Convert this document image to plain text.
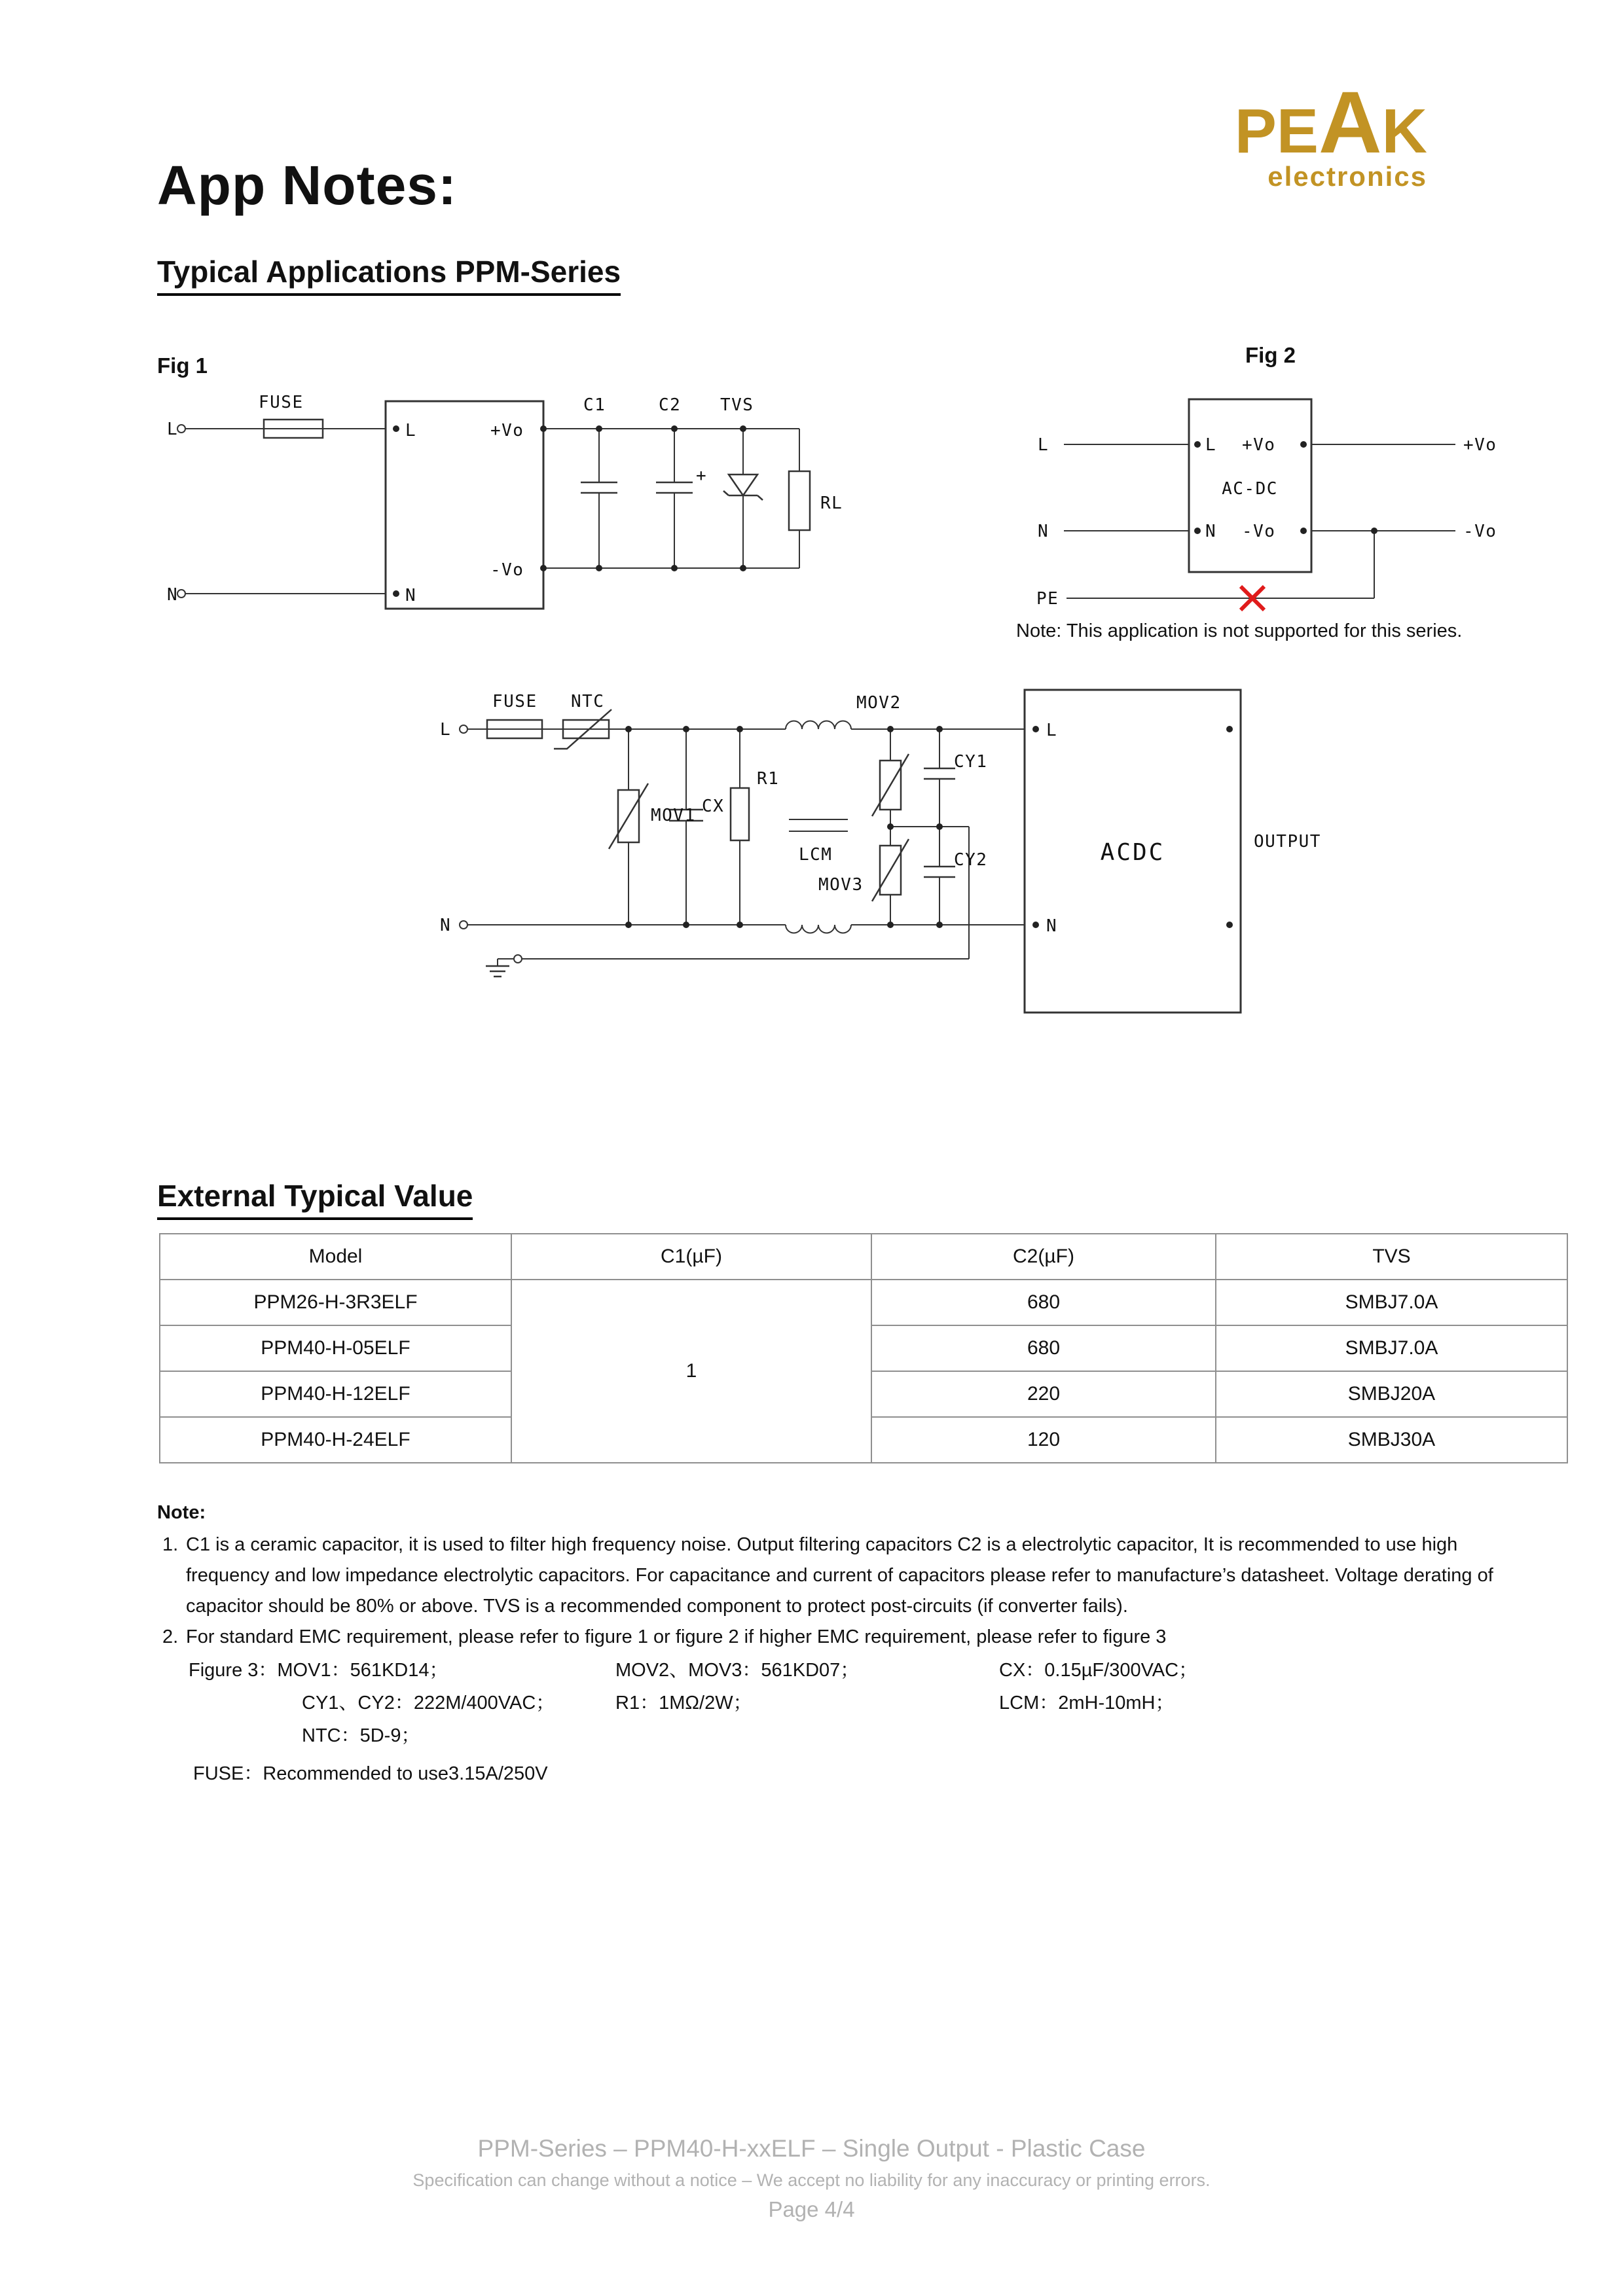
App Notes:
PEAK
electronics
Typical Applications PPM-Series
Fig 1	Fig 2
FUSE
L
N
L
N
+Vo
-Vo
C1	C2
+
TVS
RL
L
N
PE
L +Vo
AC-DC
N -Vo
+Vo
-Vo
Note: This application is not supported for this series.
L
N
FUSE NTC
MOV1 CX
R1
LCM
MOV2
CY1
CY2
MOV3
L
N
ACDC	OUTPUT
External Typical Value
Model	C1(µF)	C2(µF)	TVS
PPM26-H-3R3ELF	1	680	SMBJ7.0A
PPM40-H-05ELF		680	SMBJ7.0A
PPM40-H-12ELF		220	SMBJ20A
PPM40-H-24ELF		120	SMBJ30A
Note:
1. C1 is a ceramic capacitor, it is used to filter high frequency noise. Output filtering capacitors C2 is a electrolytic capacitor, It is recommended to use high frequency and low impedance electrolytic capacitors. For capacitance and current of capacitors please refer to manufacture’s datasheet. Voltage derating of capacitor should be 80% or above. TVS is a recommended component to protect post-circuits (if converter fails).
2. For standard EMC requirement, please refer to figure 1 or figure 2 if higher EMC requirement, please refer to figure 3
Figure 3：MOV1：561KD14；	MOV2、MOV3：561KD07；	CX：0.15µF/300VAC；
CY1、CY2：222M/400VAC；	R1：1MΩ/2W；	LCM：2mH-10mH；
NTC：5D-9；
FUSE：Recommended to use3.15A/250V
PPM-Series – PPM40-H-xxELF – Single Output - Plastic Case
Specification can change without a notice – We accept no liability for any inaccuracy or printing errors.
Page 4/4
